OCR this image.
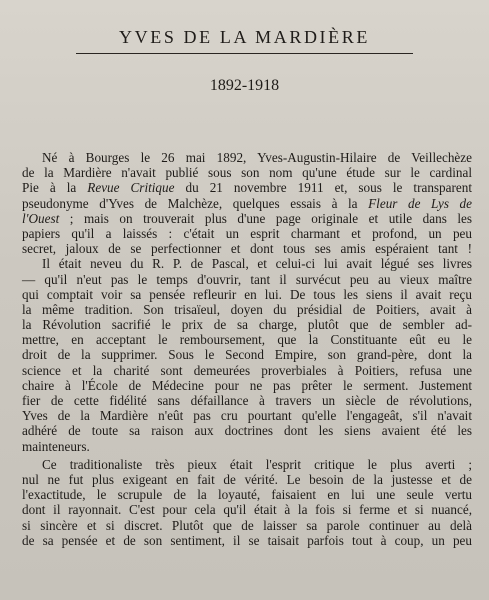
YVES DE LA MARDIÈRE
1892-1918
Né à Bourges le 26 mai 1892, Yves-Augustin-Hilaire de Veillechèze
de la Mardière n'avait publié sous son nom qu'une étude sur le cardinal
Pie à la Revue Critique du 21 novembre 1911 et, sous le transparent
pseudonyme d'Yves de Malchèze, quelques essais à la Fleur de Lys de
l'Ouest ; mais on trouverait plus d'une page originale et utile dans les
papiers qu'il a laissés : c'était un esprit charmant et profond, un peu
secret, jaloux de se perfectionner et dont tous ses amis espéraient tant !
Il était neveu du R. P. de Pascal, et celui-ci lui avait légué ses livres
— qu'il n'eut pas le temps d'ouvrir, tant il survécut peu au vieux maître
qui comptait voir sa pensée refleurir en lui. De tous les siens il avait reçu
la même tradition. Son trisaïeul, doyen du présidial de Poitiers, avait à
la Révolution sacrifié le prix de sa charge, plutôt que de sembler ad-
mettre, en acceptant le remboursement, que la Constituante eût eu le
droit de la supprimer. Sous le Second Empire, son grand-père, dont la
science et la charité sont demeurées proverbiales à Poitiers, refusa une
chaire à l'École de Médecine pour ne pas prêter le serment. Justement
fier de cette fidélité sans défaillance à travers un siècle de révolutions,
Yves de la Mardière n'eût pas cru pourtant qu'elle l'engageât, s'il n'avait
adhéré de toute sa raison aux doctrines dont les siens avaient été les
mainteneurs.
Ce traditionaliste très pieux était l'esprit critique le plus averti ;
nul ne fut plus exigeant en fait de vérité. Le besoin de la justesse et de
l'exactitude, le scrupule de la loyauté, faisaient en lui une seule vertu
dont il rayonnait. C'est pour cela qu'il était à la fois si ferme et si nuancé,
si sincère et si discret. Plutôt que de laisser sa parole continuer au delà
de sa pensée et de son sentiment, il se taisait parfois tout à coup, un peu
